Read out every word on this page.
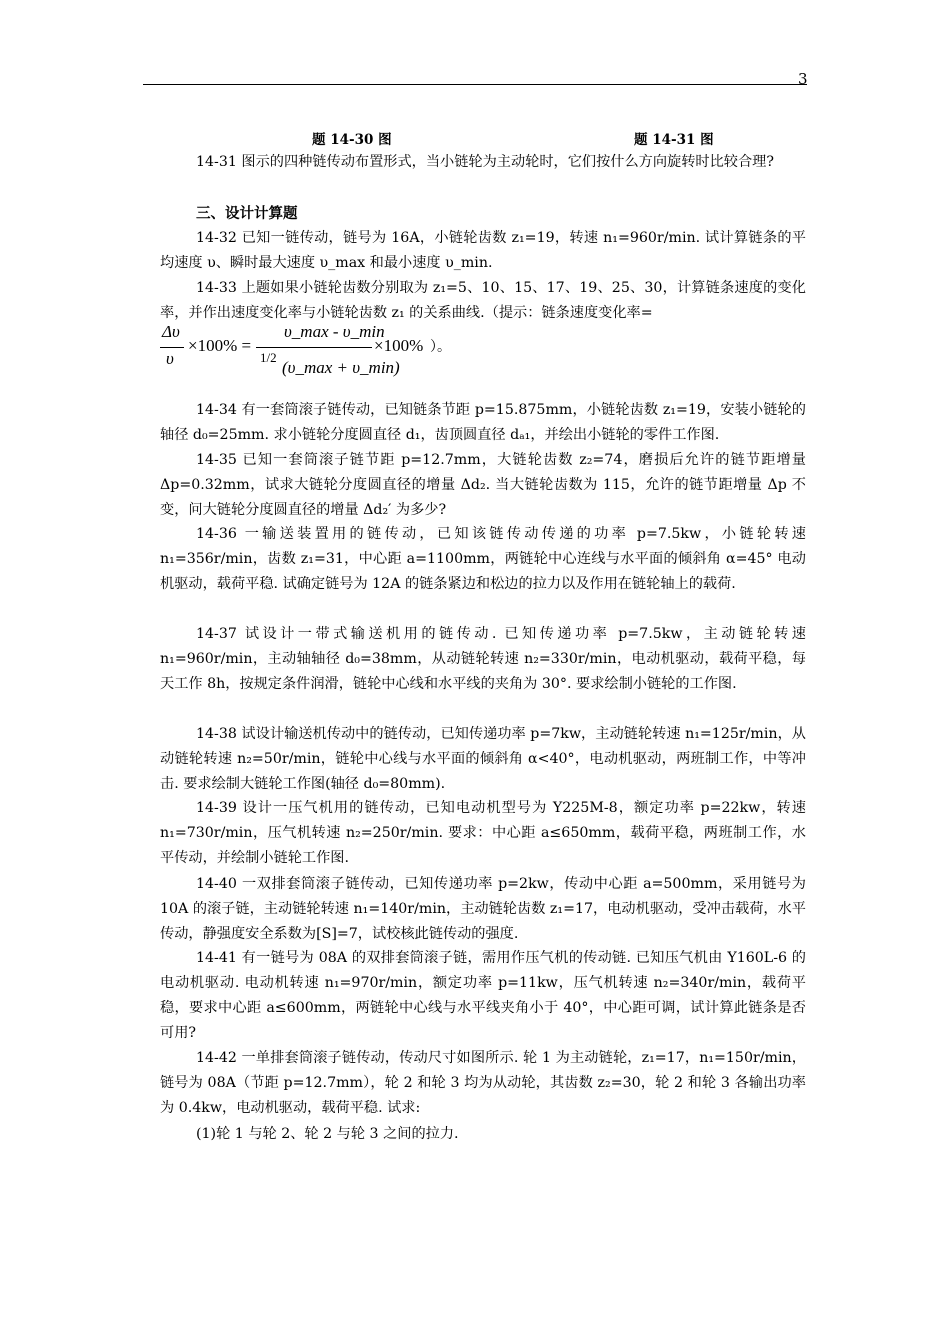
3
题 14-30 图	题 14-31 图

14-31 图示的四种链传动布置形式，当小链轮为主动轮时，它们按什么方向旋转时比较合理?

三、设计计算题

14-32 已知一链传动，链号为 16A，小链轮齿数 z₁=19，转速 n₁=960r/min. 试计算链条的平均速度 υ、瞬时最大速度 υ_max 和最小速度 υ_min.

14-33 上题如果小链轮齿数分别取为 z₁=5、10、15、17、19、25、30，计算链条速度的变化率，并作出速度变化率与小链轮齿数 z₁ 的关系曲线.（提示：链条速度变化率=

Δυ
υ
×100% =
υ_max - υ_min
1/2
(υ_max + υ_min)
×100% ）。

14-34 有一套筒滚子链传动，已知链条节距 p=15.875mm，小链轮齿数 z₁=19，安装小链轮的轴径 d₀=25mm. 求小链轮分度圆直径 d₁，齿顶圆直径 dₐ₁，并绘出小链轮的零件工作图.

14-35 已知一套筒滚子链节距 p=12.7mm，大链轮齿数 z₂=74，磨损后允许的链节距增量 Δp=0.32mm，试求大链轮分度圆直径的增量 Δd₂. 当大链轮齿数为 115，允许的链节距增量 Δp 不变，问大链轮分度圆直径的增量 Δd₂′ 为多少?

14-36 一输送装置用的链传动，已知该链传动传递的功率 p=7.5kw，小链轮转速 n₁=356r/min，齿数 z₁=31，中心距 a=1100mm，两链轮中心连线与水平面的倾斜角 α=45° 电动机驱动，载荷平稳. 试确定链号为 12A 的链条紧边和松边的拉力以及作用在链轮轴上的载荷.

14-37 试设计一带式输送机用的链传动. 已知传递功率 p=7.5kw，主动链轮转速 n₁=960r/min，主动轴轴径 d₀=38mm，从动链轮转速 n₂=330r/min，电动机驱动，载荷平稳，每天工作 8h，按规定条件润滑，链轮中心线和水平线的夹角为 30°. 要求绘制小链轮的工作图.

14-38 试设计输送机传动中的链传动，已知传递功率 p=7kw，主动链轮转速 n₁=125r/min，从动链轮转速 n₂=50r/min，链轮中心线与水平面的倾斜角 α<40°，电动机驱动，两班制工作，中等冲击. 要求绘制大链轮工作图(轴径 d₀=80mm).

14-39 设计一压气机用的链传动，已知电动机型号为 Y225M-8，额定功率 p=22kw，转速 n₁=730r/min，压气机转速 n₂=250r/min. 要求：中心距 a≤650mm，载荷平稳，两班制工作，水平传动，并绘制小链轮工作图.

14-40 一双排套筒滚子链传动，已知传递功率 p=2kw，传动中心距 a=500mm，采用链号为 10A 的滚子链，主动链轮转速 n₁=140r/min，主动链轮齿数 z₁=17，电动机驱动，受冲击载荷，水平传动，静强度安全系数为[S]=7，试校核此链传动的强度.

14-41 有一链号为 08A 的双排套筒滚子链，需用作压气机的传动链. 已知压气机由 Y160L-6 的电动机驱动. 电动机转速 n₁=970r/min，额定功率 p=11kw，压气机转速 n₂=340r/min，载荷平稳，要求中心距 a≤600mm，两链轮中心线与水平线夹角小于 40°，中心距可调，试计算此链条是否可用?

14-42 一单排套筒滚子链传动，传动尺寸如图所示. 轮 1 为主动链轮，z₁=17，n₁=150r/min，链号为 08A（节距 p=12.7mm），轮 2 和轮 3 均为从动轮，其齿数 z₂=30，轮 2 和轮 3 各输出功率为 0.4kw，电动机驱动，载荷平稳. 试求:

(1)轮 1 与轮 2、轮 2 与轮 3 之间的拉力.
